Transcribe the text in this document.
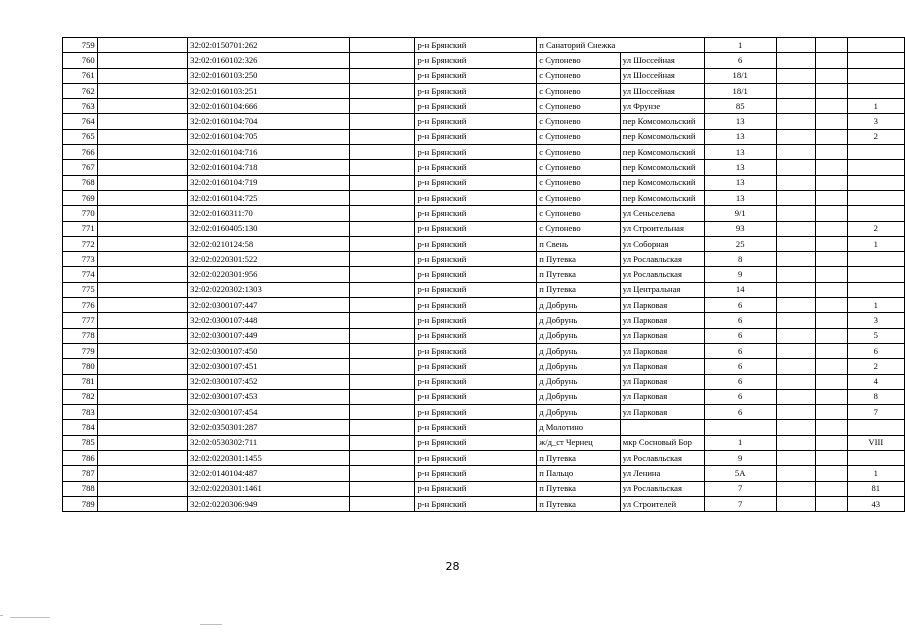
759		32:02:0150701:262		р-н Брянский	п Санаторий Снежка		1			
760		32:02:0160102:326		р-н Брянский	с Супонево	ул Шоссейная	6			
761		32:02:0160103:250		р-н Брянский	с Супонево	ул Шоссейная	18/1			
762		32:02:0160103:251		р-н Брянский	с Супонево	ул Шоссейная	18/1			
763		32:02:0160104:666		р-н Брянский	с Супонево	ул Фрунзе	85			1
764		32:02:0160104:704		р-н Брянский	с Супонево	пер Комсомольский	13			3
765		32:02:0160104:705		р-н Брянский	с Супонево	пер Комсомольский	13			2
766		32:02:0160104:716		р-н Брянский	с Супонево	пер Комсомольский	13			
767		32:02:0160104:718		р-н Брянский	с Супонево	пер Комсомольский	13			
768		32:02:0160104:719		р-н Брянский	с Супонево	пер Комсомольский	13			
769		32:02:0160104:725		р-н Брянский	с Супонево	пер Комсомольский	13			
770		32:02:0160311:70		р-н Брянский	с Супонево	ул Сеньселева	9/1			
771		32:02:0160405:130		р-н Брянский	с Супонево	ул Строительная	93			2
772		32:02:0210124:58		р-н Брянский	п Свень	ул Соборная	25			1
773		32:02:0220301:522		р-н Брянский	п Путевка	ул Рославльская	8			
774		32:02:0220301:956		р-н Брянский	п Путевка	ул Рославльская	9			
775		32:02:0220302:1303		р-н Брянский	п Путевка	ул Центральная	14			
776		32:02:0300107:447		р-н Брянский	д Добрунь	ул Парковая	6			1
777		32:02:0300107:448		р-н Брянский	д Добрунь	ул Парковая	6			3
778		32:02:0300107:449		р-н Брянский	д Добрунь	ул Парковая	6			5
779		32:02:0300107:450		р-н Брянский	д Добрунь	ул Парковая	6			6
780		32:02:0300107:451		р-н Брянский	д Добрунь	ул Парковая	6			2
781		32:02:0300107:452		р-н Брянский	д Добрунь	ул Парковая	6			4
782		32:02:0300107:453		р-н Брянский	д Добрунь	ул Парковая	6			8
783		32:02:0300107:454		р-н Брянский	д Добрунь	ул Парковая	6			7
784		32:02:0350301:287		р-н Брянский	д Молотино					
785		32:02:0530302:711		р-н Брянский	ж/д_ст Чернец	мкр Сосновый Бор	1			VIII
786		32:02:0220301:1455		р-н Брянский	п Путевка	ул Рославльская	9			
787		32:02:0140104:487		р-н Брянский	п Пальцо	ул Ленина	5А			1
788		32:02:0220301:1461		р-н Брянский	п Путевка	ул Рославльская	7			81
789		32:02:0220306:949		р-н Брянский	п Путевка	ул Строителей	7			43
28
